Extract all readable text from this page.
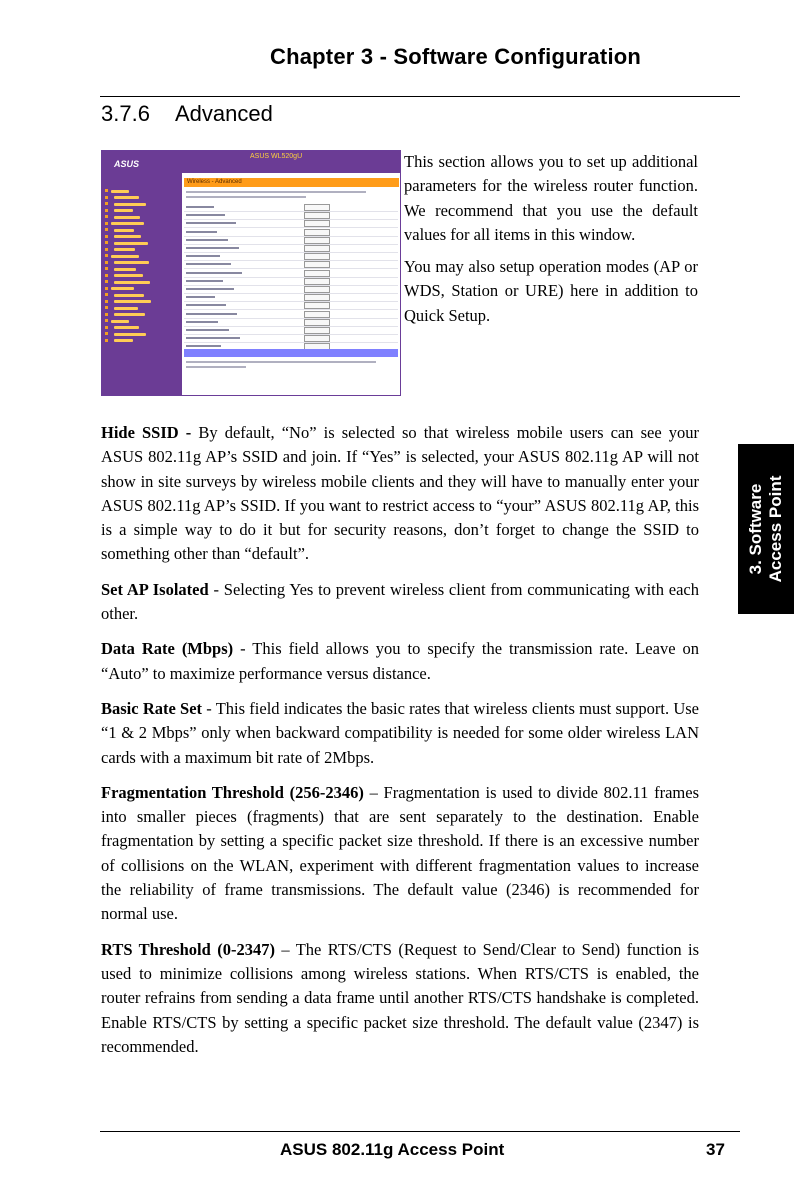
Chapter 3 - Software Configuration
3.7.6 Advanced
ASUS
ASUS WL520gU
Wireless - Advanced

This section allows you to set up additional parameters for the wireless router function. We recommend that you use the default values for all items in this window.

You may also setup operation modes (AP or WDS, Station or URE) here in addition to Quick Setup.

Hide SSID - By default, “No” is selected so that wireless mobile users can see your ASUS 802.11g AP’s SSID and join. If “Yes” is selected, your ASUS 802.11g AP will not show in site surveys by wireless mobile clients and they will have to manually enter your ASUS 802.11g AP’s SSID. If you want to restrict access to “your” ASUS 802.11g AP, this is a simple way to do it but for security reasons, don’t forget to change the SSID to something other than “default”.

Set AP Isolated - Selecting Yes to prevent wireless client from communicating with each other.

Data Rate (Mbps) - This field allows you to specify the transmission rate. Leave on “Auto” to maximize performance versus distance.

Basic Rate Set - This field indicates the basic rates that wireless clients must support. Use “1 & 2 Mbps” only when backward compatibility is needed for some older wireless LAN cards with a maximum bit rate of 2Mbps.

Fragmentation Threshold (256-2346) – Fragmentation is used to divide 802.11 frames into smaller pieces (fragments) that are sent separately to the destination. Enable fragmentation by setting a specific packet size threshold. If there is an excessive number of collisions on the WLAN, experiment with different fragmentation values to increase the reliability of frame transmissions. The default value (2346) is recommended for normal use.

RTS Threshold (0-2347) – The RTS/CTS (Request to Send/Clear to Send) function is used to minimize collisions among wireless stations. When RTS/CTS is enabled, the router refrains from sending a data frame until another RTS/CTS handshake is completed. Enable RTS/CTS by setting a specific packet size threshold. The default value (2347) is recommended.

3. Software Access Point
ASUS 802.11g Access Point	37
